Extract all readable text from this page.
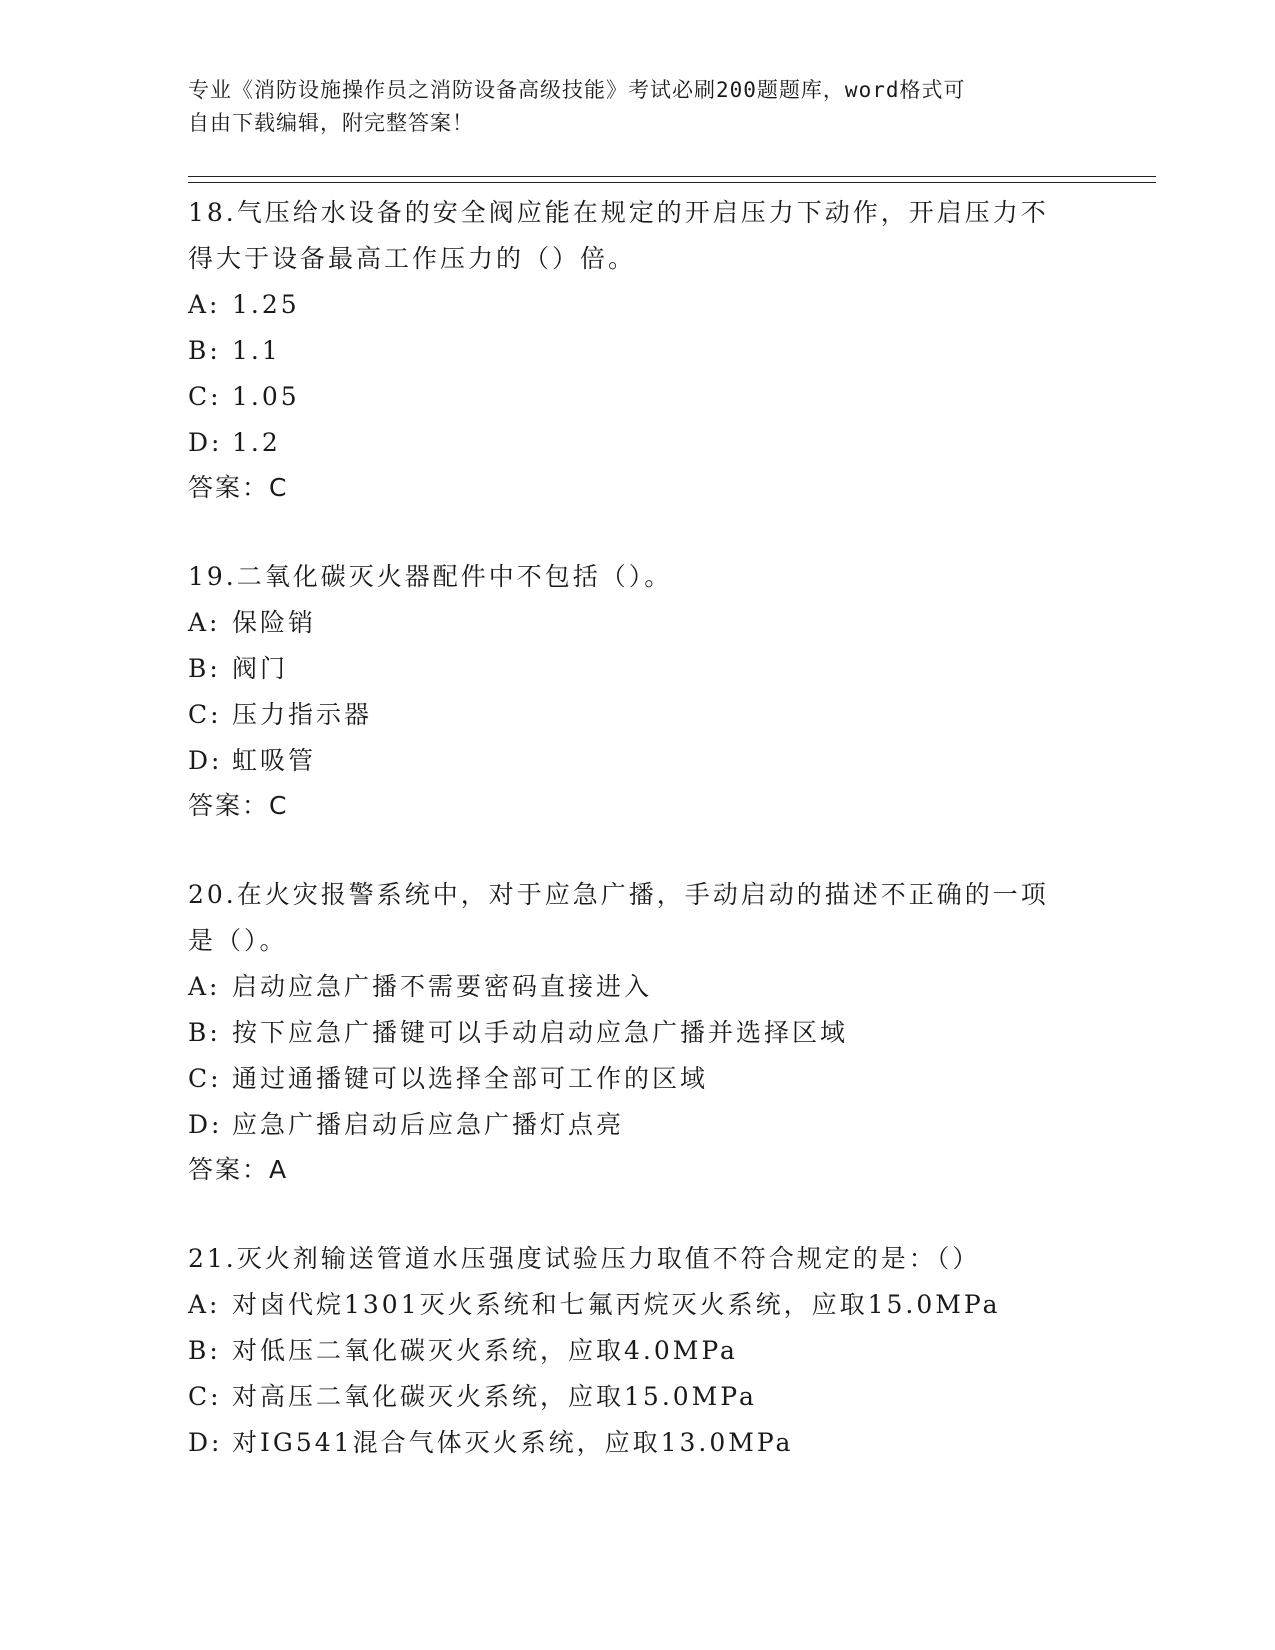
专业《消防设施操作员之消防设备高级技能》考试必刷200题题库，word格式可
自由下载编辑，附完整答案！
18.气压给水设备的安全阀应能在规定的开启压力下动作，开启压力不
得大于设备最高工作压力的（）倍。
A: 1.25
B: 1.1
C: 1.05
D: 1.2
答案：C
19.二氧化碳灭火器配件中不包括（）。
A: 保险销
B: 阀门
C: 压力指示器
D: 虹吸管
答案：C
20.在火灾报警系统中，对于应急广播，手动启动的描述不正确的一项
是（）。
A: 启动应急广播不需要密码直接进入
B: 按下应急广播键可以手动启动应急广播并选择区域
C: 通过通播键可以选择全部可工作的区域
D: 应急广播启动后应急广播灯点亮
答案：A
21.灭火剂输送管道水压强度试验压力取值不符合规定的是：（）
A: 对卤代烷1301灭火系统和七氟丙烷灭火系统，应取15.0MPa
B: 对低压二氧化碳灭火系统，应取4.0MPa
C: 对高压二氧化碳灭火系统，应取15.0MPa
D: 对IG541混合气体灭火系统，应取13.0MPa
